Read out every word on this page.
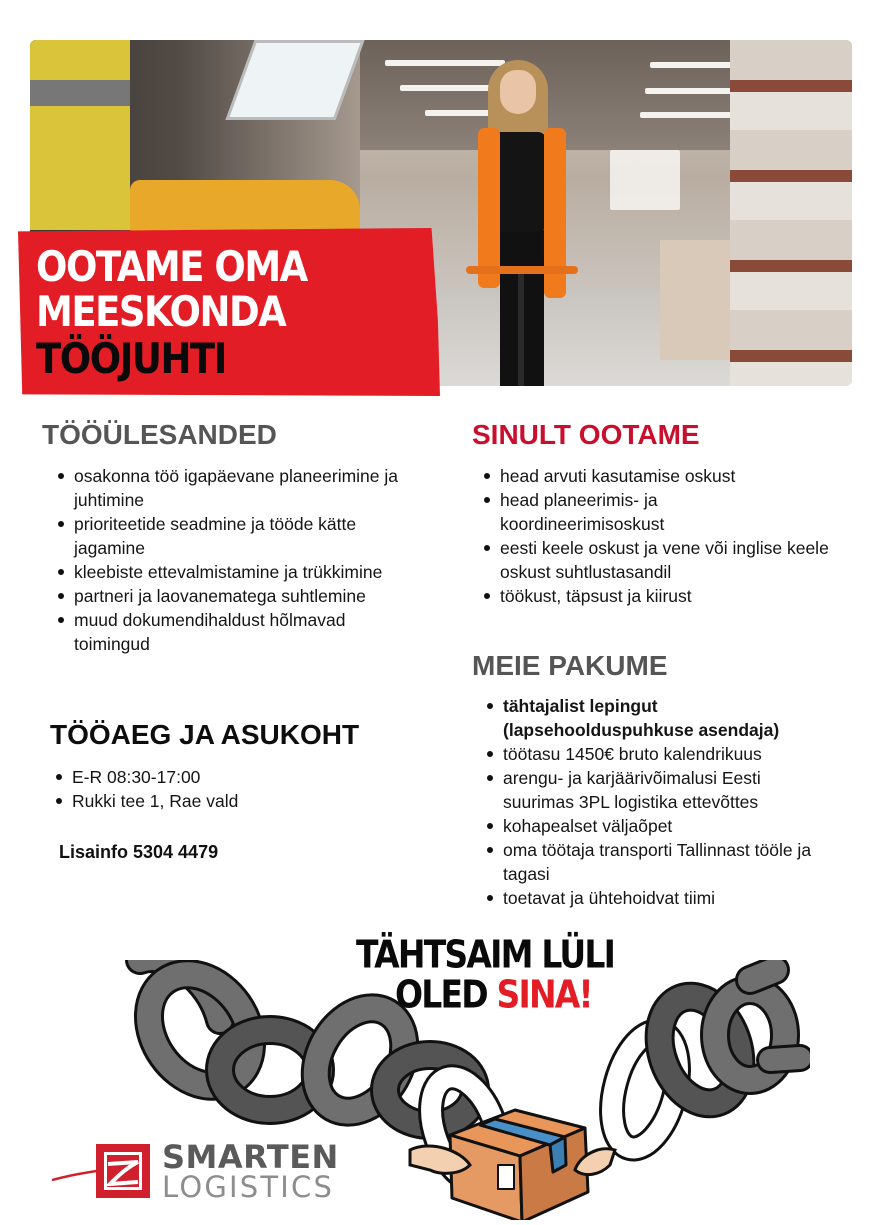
OOTAME OMA
MEESKONDA
TÖÖJUHTI
TÖÖÜLESANDED
osakonna töö igapäevane planeerimine ja juhtimine
prioriteetide seadmine ja tööde kätte jagamine
kleebiste ettevalmistamine ja trükkimine
partneri ja laovanematega suhtlemine
muud dokumendihaldust hõlmavad toimingud
TÖÖAEG JA ASUKOHT
E-R 08:30-17:00
Rukki tee 1, Rae vald
Lisainfo 5304 4479
SINULT OOTAME
head arvuti kasutamise oskust
head planeerimis- ja koordineerimisoskust
eesti keele oskust ja vene või inglise keele oskust suhtlustasandil
töökust, täpsust ja kiirust
MEIE PAKUME
tähtajalist lepingut (lapsehoolduspuhkuse asendaja)
töötasu 1450€ bruto kalendrikuus
arengu- ja karjäärivõimalusi Eesti suurimas 3PL logistika ettevõttes
kohapealset väljaõpet
oma töötaja transporti Tallinnast tööle ja tagasi
toetavat ja ühtehoidvat tiimi
TÄHTSAIM LÜLI
OLED SINA!
SMARTEN
LOGISTICS
